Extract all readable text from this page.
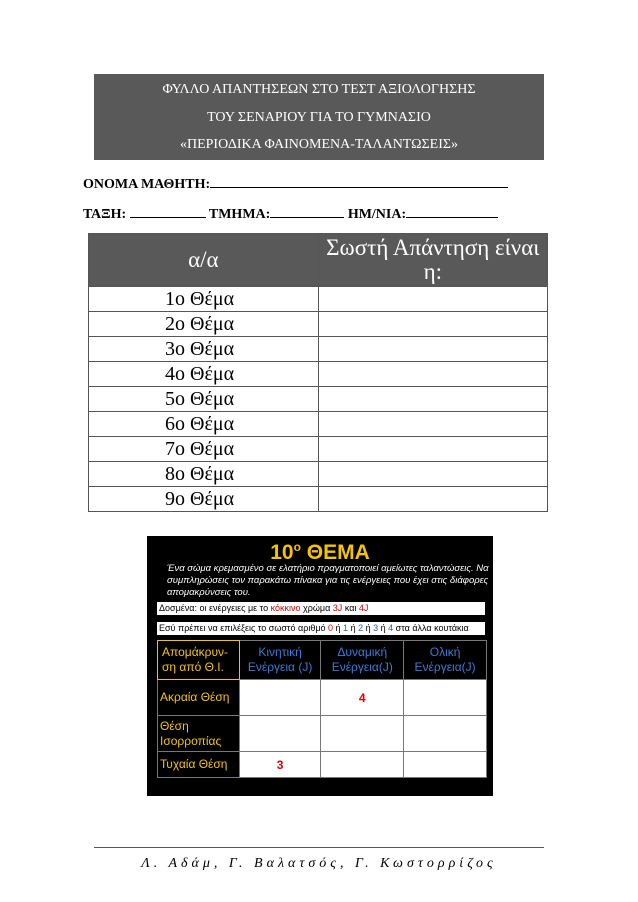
ΦΥΛΛΟ ΑΠΑΝΤΗΣΕΩΝ ΣΤΟ ΤΕΣΤ ΑΞΙΟΛΟΓΗΣΗΣ
ΤΟΥ ΣΕΝΑΡΙΟΥ ΓΙΑ ΤΟ ΓΥΜΝΑΣΙΟ
«ΠΕΡΙΟΔΙΚΑ ΦΑΙΝΟΜΕΝΑ-ΤΑΛΑΝΤΩΣΕΙΣ»
ΟΝΟΜΑ ΜΑΘΗΤΗ:
ΤΑΞΗ:	ΤΜΗΜΑ:	ΗΜ/ΝΙΑ:
α/α	Σωστή Απάντηση είναι η:
1ο Θέμα	
2ο Θέμα	
3ο Θέμα	
4ο Θέμα	
5ο Θέμα	
6ο Θέμα	
7ο Θέμα	
8ο Θέμα	
9ο Θέμα	
$10^o$ ΘΕΜΑ
Ένα σώμα κρεμασμένο σε ελατήριο πραγματοποιεί αμείωτες ταλαντώσεις. Να συμπληρώσεις τον παρακάτω πίνακα για τις ενέργειες που έχει στις διάφορες απομακρύνσεις του.
Δοσμένα: οι ενέργειες με το κόκκινο χρώμα 3J και 4J
Εσύ πρέπει να επιλέξεις το σωστό αριθμό 0 ή 1 ή 2 ή 3 ή 4 στα άλλα κουτάκια
Απομάκρυν-ση από Θ.Ι.	Κινητική Ενέργεια (J)	Δυναμική Ενέργεια(J)	Ολική Ενέργεια(J)
Ακραία Θέση		4	
Θέση Ισορροπίας			
Τυχαία Θέση	3		
Λ. Αδάμ, Γ. Βαλατσός, Γ. Κωστορρίζος
